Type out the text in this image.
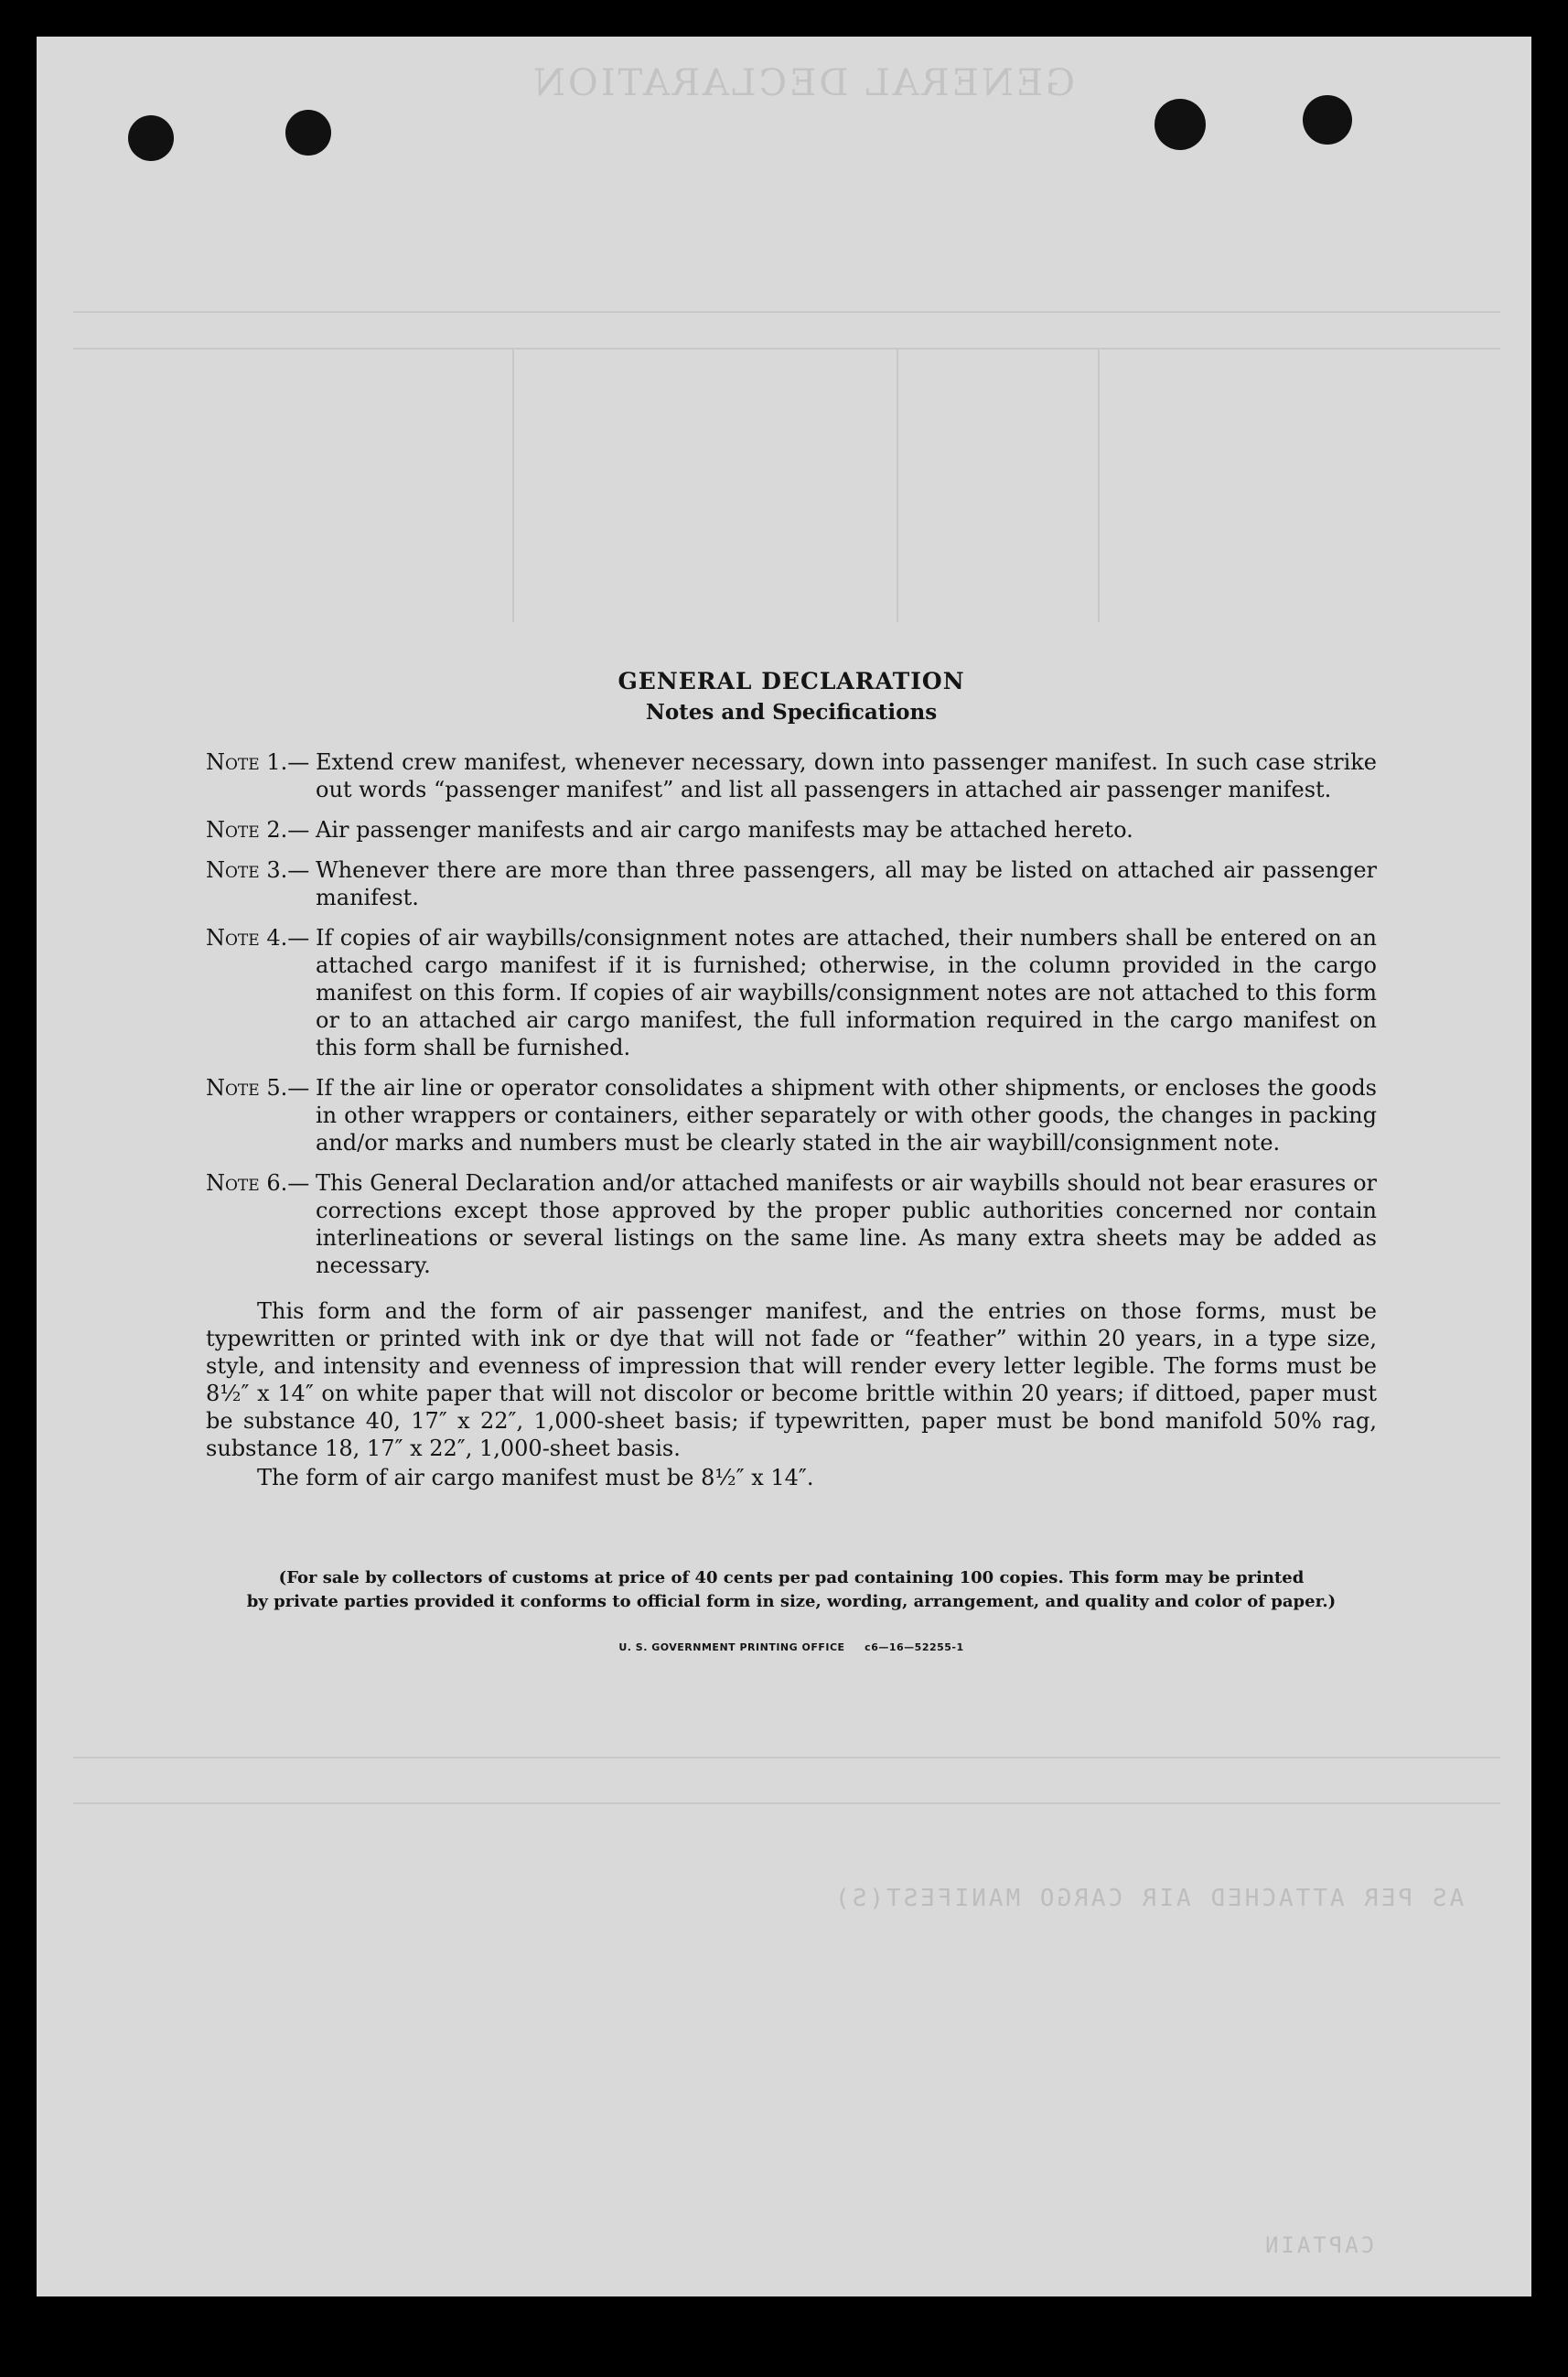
GENERAL DECLARATION
AS PER ATTACHED AIR CARGO MANIFEST(S)
CAPTAIN
GENERAL DECLARATION
Notes and Specifications
Note 1.— Extend crew manifest, whenever necessary, down into passenger manifest. In such case strike out words “passenger manifest” and list all passengers in attached air passenger manifest.
Note 2.— Air passenger manifests and air cargo manifests may be attached hereto.
Note 3.— Whenever there are more than three passengers, all may be listed on attached air passenger manifest.
Note 4.— If copies of air waybills/consignment notes are attached, their numbers shall be entered on an attached cargo manifest if it is furnished; otherwise, in the column provided in the cargo manifest on this form. If copies of air waybills/consignment notes are not attached to this form or to an attached air cargo manifest, the full information required in the cargo manifest on this form shall be furnished.
Note 5.— If the air line or operator consolidates a shipment with other shipments, or encloses the goods in other wrappers or containers, either separately or with other goods, the changes in packing and/or marks and numbers must be clearly stated in the air waybill/consignment note.
Note 6.— This General Declaration and/or attached manifests or air waybills should not bear erasures or corrections except those approved by the proper public authorities concerned nor contain interlineations or several listings on the same line. As many extra sheets may be added as necessary.
This form and the form of air passenger manifest, and the entries on those forms, must be typewritten or printed with ink or dye that will not fade or “feather” within 20 years, in a type size, style, and intensity and evenness of impression that will render every letter legible. The forms must be 8½″ x 14″ on white paper that will not discolor or become brittle within 20 years; if dittoed, paper must be substance 40, 17″ x 22″, 1,000-sheet basis; if typewritten, paper must be bond manifold 50% rag, substance 18, 17″ x 22″, 1,000-sheet basis.
The form of air cargo manifest must be 8½″ x 14″.
(For sale by collectors of customs at price of 40 cents per pad containing 100 copies. This form may be printed
by private parties provided it conforms to official form in size, wording, arrangement, and quality and color of paper.)
U. S. GOVERNMENT PRINTING OFFICE     c6—16—52255-1
